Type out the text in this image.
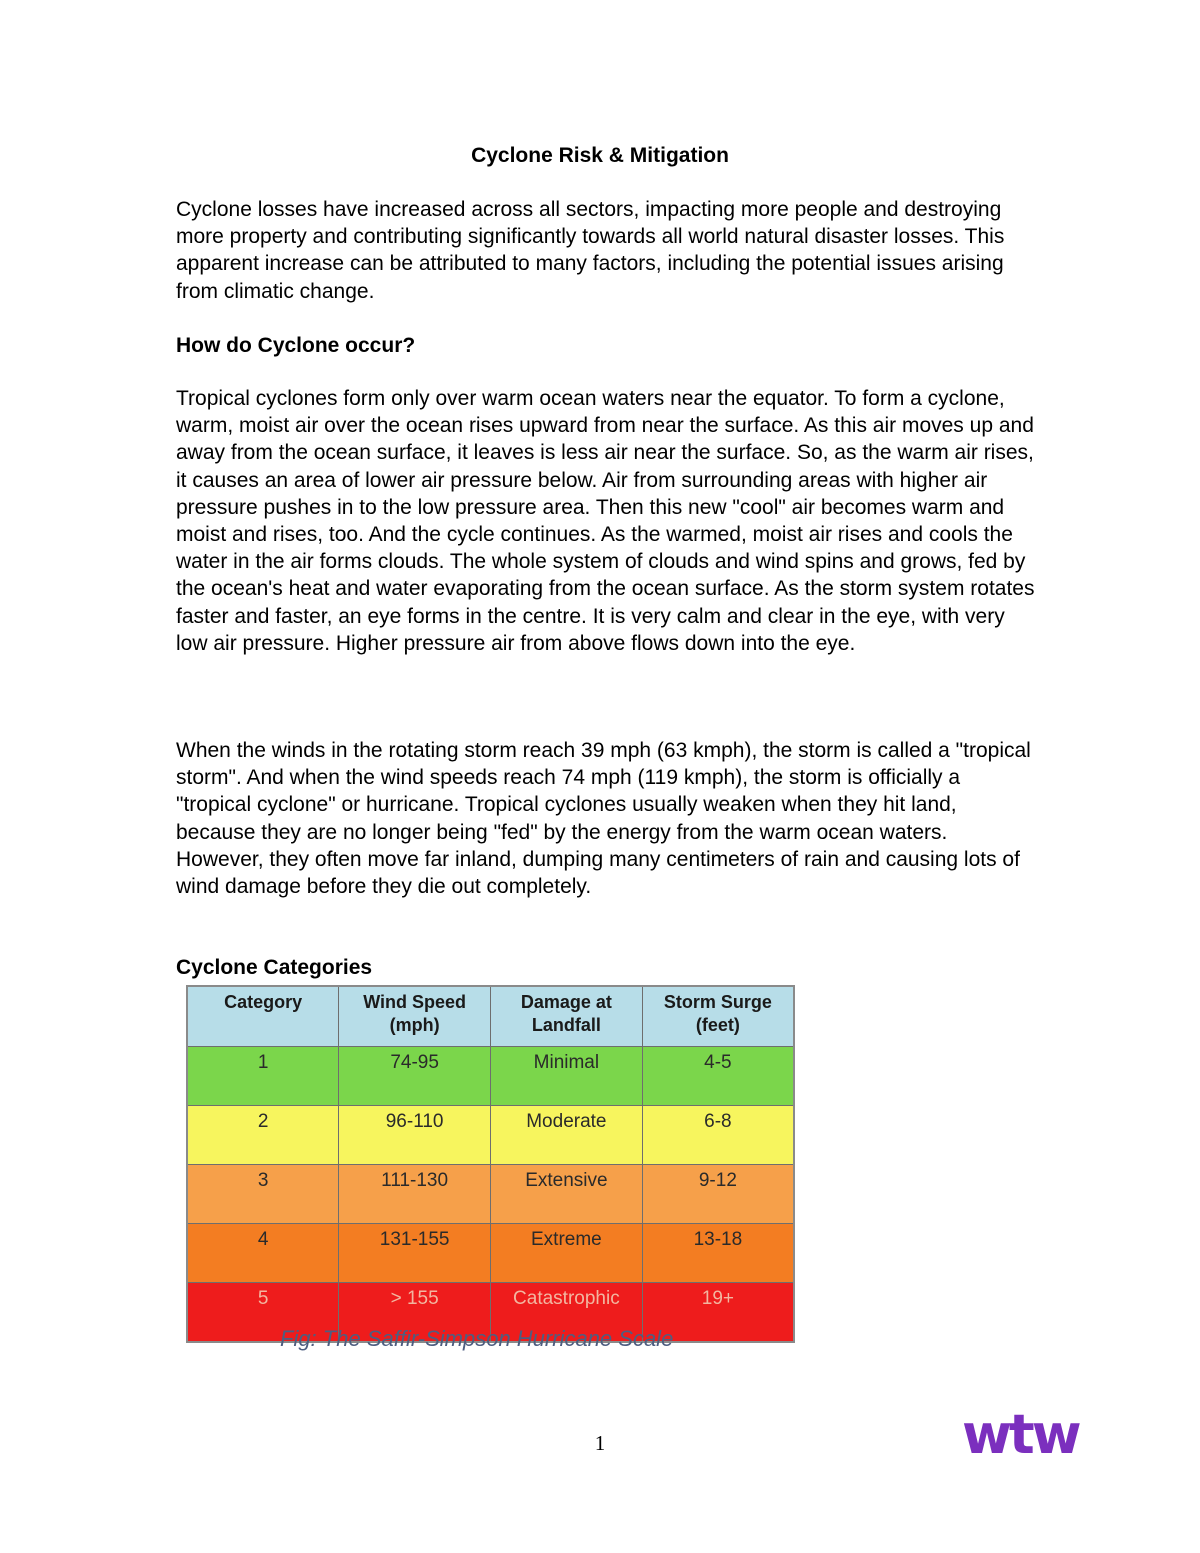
Cyclone Risk & Mitigation

Cyclone losses have increased across all sectors, impacting more people and destroying more property and contributing significantly towards all world natural disaster losses. This apparent increase can be attributed to many factors, including the potential issues arising from climatic change.

How do Cyclone occur?

Tropical cyclones form only over warm ocean waters near the equator. To form a cyclone, warm, moist air over the ocean rises upward from near the surface. As this air moves up and away from the ocean surface, it leaves is less air near the surface. So, as the warm air rises, it causes an area of lower air pressure below. Air from surrounding areas with higher air pressure pushes in to the low pressure area. Then this new "cool" air becomes warm and moist and rises, too. And the cycle continues. As the warmed, moist air rises and cools the water in the air forms clouds. The whole system of clouds and wind spins and grows, fed by the ocean's heat and water evaporating from the ocean surface. As the storm system rotates faster and faster, an eye forms in the centre. It is very calm and clear in the eye, with very low air pressure. Higher pressure air from above flows down into the eye.

When the winds in the rotating storm reach 39 mph (63 kmph), the storm is called a "tropical storm". And when the wind speeds reach 74 mph (119 kmph), the storm is officially a "tropical cyclone" or hurricane. Tropical cyclones usually weaken when they hit land, because they are no longer being "fed" by the energy from the warm ocean waters. However, they often move far inland, dumping many centimeters of rain and causing lots of wind damage before they die out completely.

Cyclone Categories
Category	Wind Speed (mph)	Damage at Landfall	Storm Surge (feet)
1	74-95	Minimal	4-5
2	96-110	Moderate	6-8
3	111-130	Extensive	9-12
4	131-155	Extreme	13-18
5	> 155	Catastrophic	19+
Fig: The Saffir-Simpson Hurricane Scale
1	wtw
